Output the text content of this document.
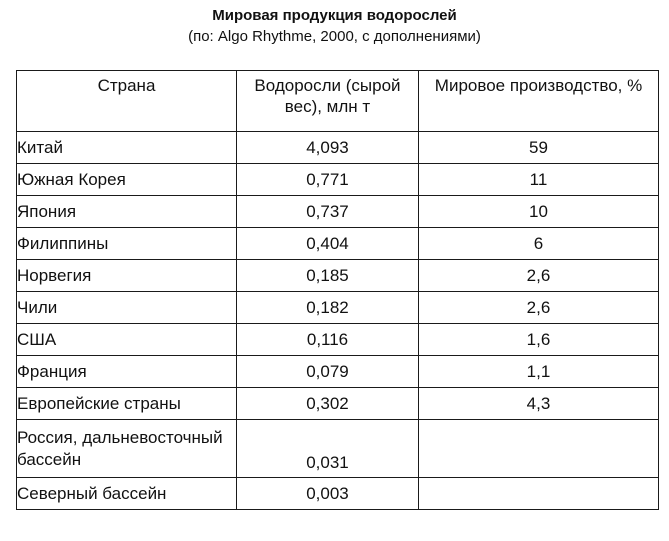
Мировая продукция водорослей
(по: Algo Rhythme, 2000, с дополнениями)
Страна	Водоросли (сырой вес), млн т	Мировое производство, %
Китай	4,093	59
Южная Корея	0,771	11
Япония	0,737	10
Филиппины	0,404	6
Норвегия	0,185	2,6
Чили	0,182	2,6
США	0,116	1,6
Франция	0,079	1,1
Европейские страны	0,302	4,3
Россия, дальневосточный бассейн	0,031	
Северный бассейн	0,003	
